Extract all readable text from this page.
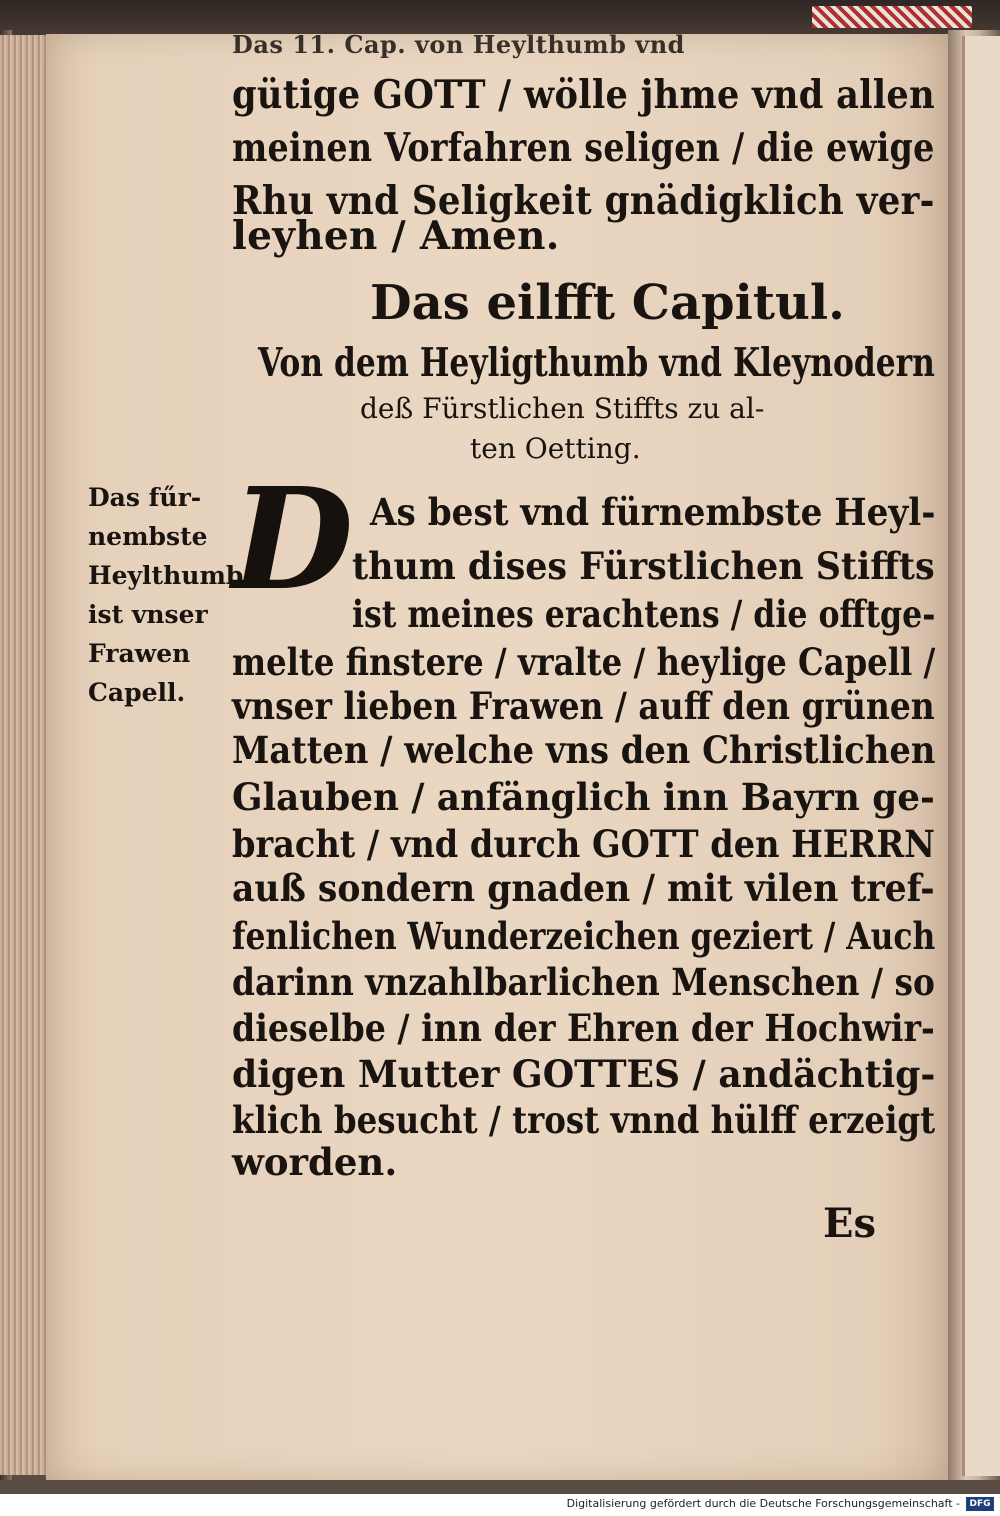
Das 11. Cap. von Heylthumb vnd
gütige GOTT / wölle jhme vnd allen
meinen Vorfahren seligen / die ewige
Rhu vnd Seligkeit gnädigklich ver-
leyhen / Amen.
Das eilfft Capitul.
Von dem Heyligthumb vnd Kleynodern
deß Fürstlichen Stiffts zu al-
ten Oetting.
Das fűr-
nembste
Heylthumb
ist vnser
Frawen
Capell.
D As best vnd fürnembste Heyl-
thum dises Fürstlichen Stiffts
ist meines erachtens / die offtge-
melte finstere / vralte / heylige Capell /
vnser lieben Frawen / auff den grünen
Matten / welche vns den Christlichen
Glauben / anfänglich inn Bayrn ge-
bracht / vnd durch GOTT den HERRN
auß sondern gnaden / mit vilen tref-
fenlichen Wunderzeichen geziert / Auch
darinn vnzahlbarlichen Menschen / so
dieselbe / inn der Ehren der Hochwir-
digen Mutter GOTTES / andächtig-
klich besucht / trost vnnd hülff erzeigt
worden.
Es
Digitalisierung gefördert durch die Deutsche Forschungsgemeinschaft -	DFG
